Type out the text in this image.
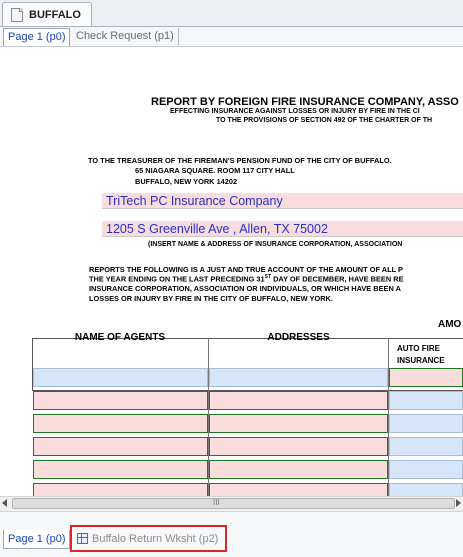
BUFFALO
Page 1 (p0) Check Request (p1)
REPORT BY FOREIGN FIRE INSURANCE COMPANY, ASSO
EFFECTING INSURANCE AGAINST LOSSES OR INJURY BY FIRE IN THE CI
TO THE PROVISIONS OF SECTION 492 OF THE CHARTER OF TH
TO THE TREASURER OF THE FIREMAN'S PENSION FUND OF THE CITY OF BUFFALO.
65 NIAGARA SQUARE. ROOM 117 CITY HALL
BUFFALO, NEW YORK 14202
TriTech PC Insurance Company
1205 S Greenville Ave , Allen, TX 75002
(INSERT NAME & ADDRESS OF INSURANCE CORPORATION, ASSOCIATION
REPORTS THE FOLLOWING IS A JUST AND TRUE ACCOUNT OF THE AMOUNT OF ALL P
THE YEAR ENDING ON THE LAST PRECEDING 31ST DAY OF DECEMBER, HAVE BEEN RE
INSURANCE CORPORATION, ASSOCIATION OR INDIVIDUALS, OR WHICH HAVE BEEN A
LOSSES OR INJURY BY FIRE IN THE CITY OF BUFFALO, NEW YORK.
NAME OF AGENTS	ADDRESSES
AMO
AUTO FIRE
INSURANCE
III
Page 1 (p0)	Buffalo Return Wksht (p2)
